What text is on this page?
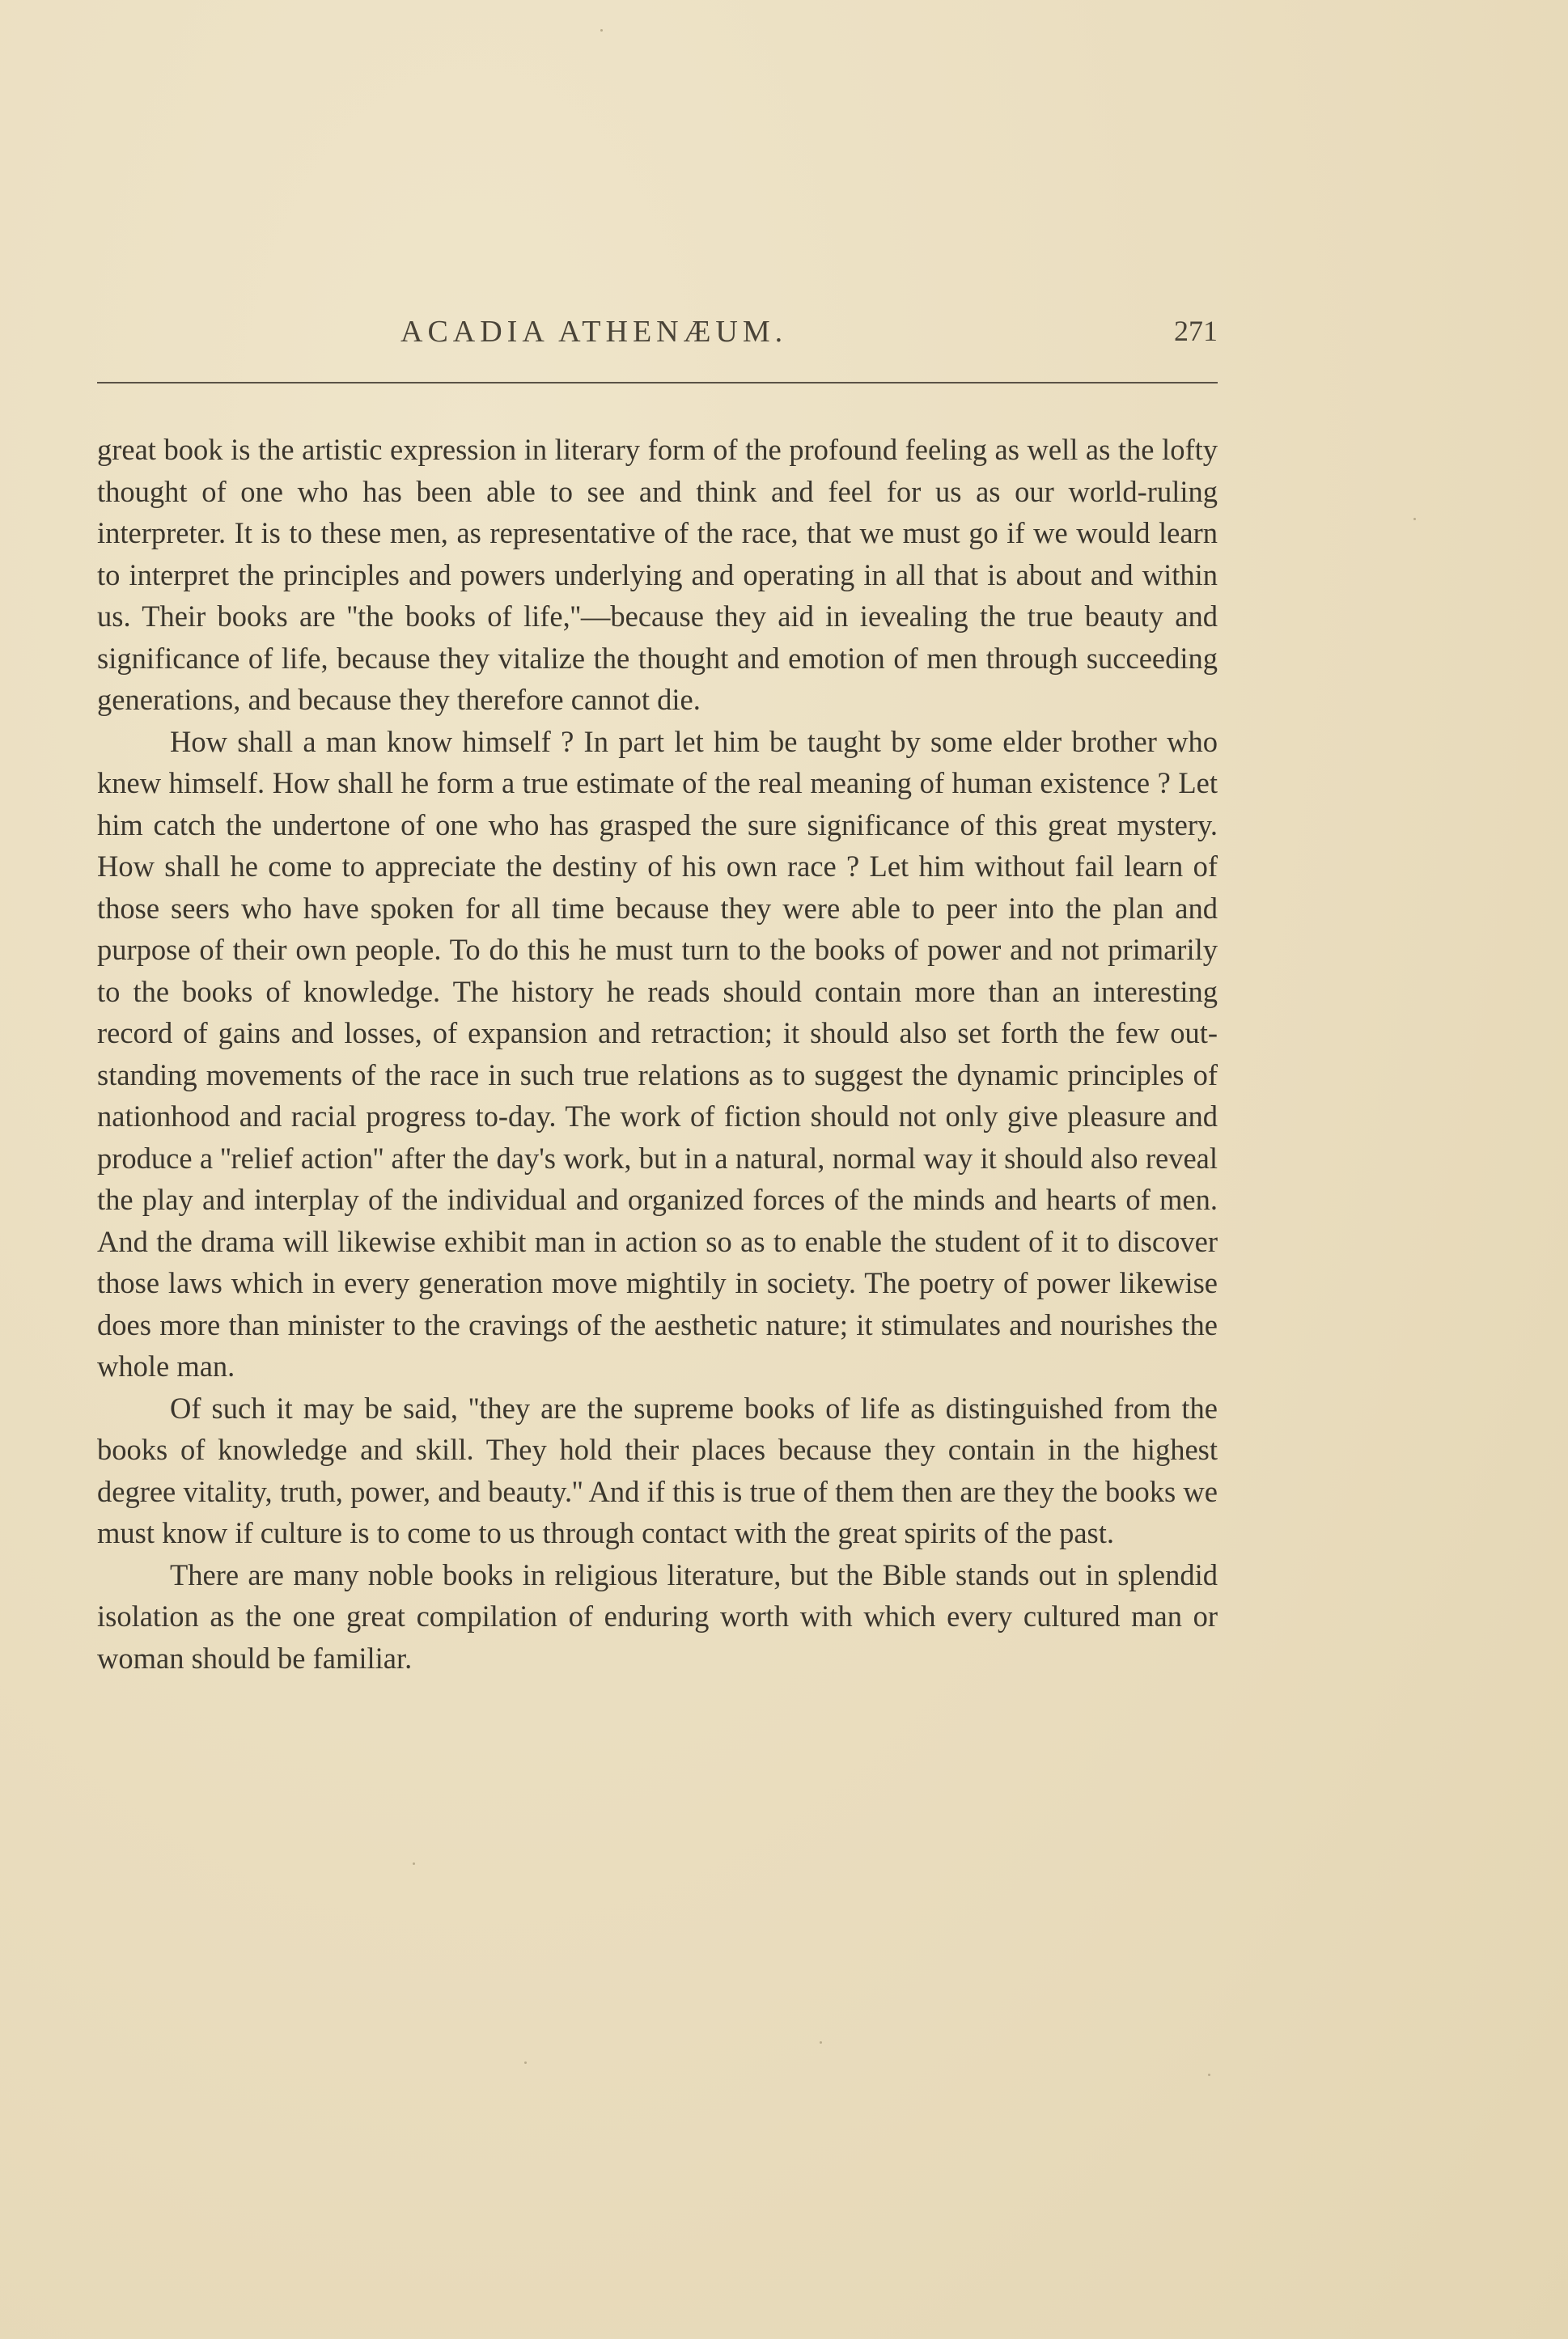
ACADIA ATHENÆUM.	271

great book is the artistic expression in literary form of the profound feeling as well as the lofty thought of one who has been able to see and think and feel for us as our world-ruling interpreter. It is to these men, as representative of the race, that we must go if we would learn to interpret the principles and powers underlying and operating in all that is about and within us. Their books are ''the books of life,''—because they aid in ievealing the true beauty and significance of life, because they vitalize the thought and emotion of men through succeeding generations, and because they therefore cannot die.

How shall a man know himself ? In part let him be taught by some elder brother who knew himself. How shall he form a true estimate of the real meaning of human existence ? Let him catch the undertone of one who has grasped the sure significance of this great mystery. How shall he come to appreciate the destiny of his own race ? Let him without fail learn of those seers who have spoken for all time because they were able to peer into the plan and purpose of their own people. To do this he must turn to the books of power and not primarily to the books of knowledge. The history he reads should contain more than an interesting record of gains and losses, of expansion and retraction; it should also set forth the few out-standing movements of the race in such true relations as to suggest the dynamic principles of nationhood and racial progress to-day. The work of fiction should not only give pleasure and produce a ''relief action'' after the day's work, but in a natural, normal way it should also reveal the play and interplay of the individual and organized forces of the minds and hearts of men. And the drama will likewise exhibit man in action so as to enable the student of it to discover those laws which in every generation move mightily in society. The poetry of power likewise does more than minister to the cravings of the aesthetic nature; it stimulates and nourishes the whole man.

Of such it may be said, ''they are the supreme books of life as distinguished from the books of knowledge and skill. They hold their places because they contain in the highest degree vitality, truth, power, and beauty.'' And if this is true of them then are they the books we must know if culture is to come to us through contact with the great spirits of the past.

There are many noble books in religious literature, but the Bible stands out in splendid isolation as the one great compilation of enduring worth with which every cultured man or woman should be familiar.
